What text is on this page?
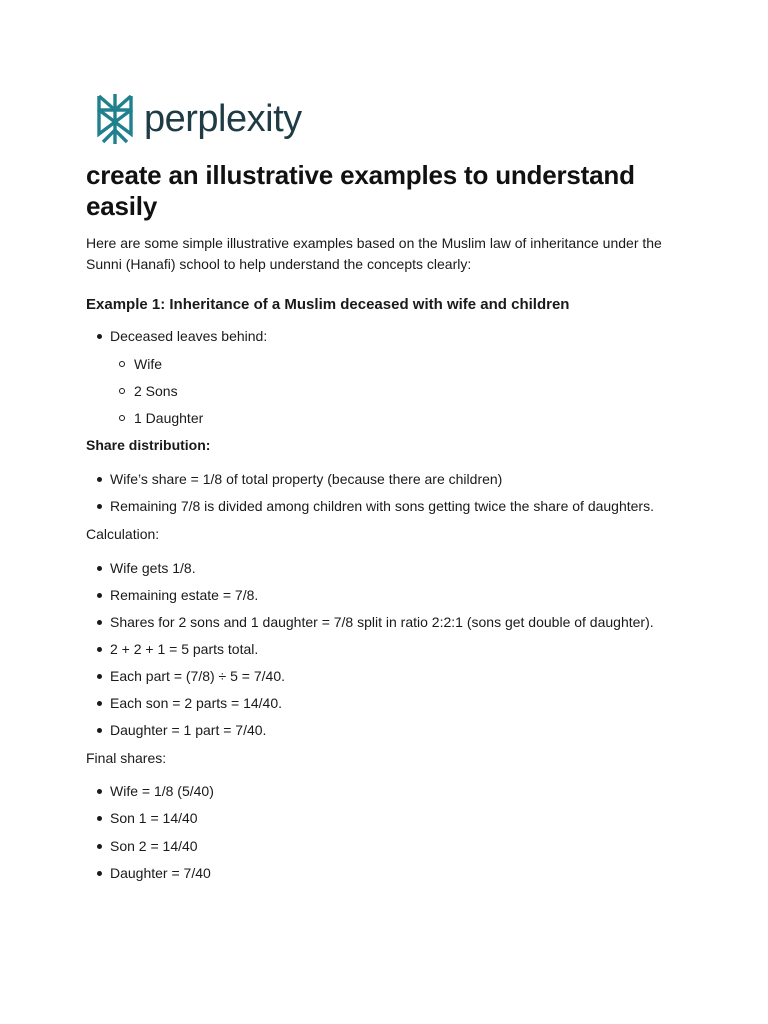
perplexity
create an illustrative examples to understand easily

Here are some simple illustrative examples based on the Muslim law of inheritance under the Sunni (Hanafi) school to help understand the concepts clearly:

Example 1: Inheritance of a Muslim deceased with wife and children
Deceased leaves behind:
Wife
2 Sons
1 Daughter

Share distribution:

Wife’s share = 1/8 of total property (because there are children)
Remaining 7/8 is divided among children with sons getting twice the share of daughters.

Calculation:

Wife gets 1/8.
Remaining estate = 7/8.
Shares for 2 sons and 1 daughter = 7/8 split in ratio 2:2:1 (sons get double of daughter).
2 + 2 + 1 = 5 parts total.
Each part = (7/8) ÷ 5 = 7/40.
Each son = 2 parts = 14/40.
Daughter = 1 part = 7/40.

Final shares:

Wife = 1/8 (5/40)
Son 1 = 14/40
Son 2 = 14/40
Daughter = 7/40
